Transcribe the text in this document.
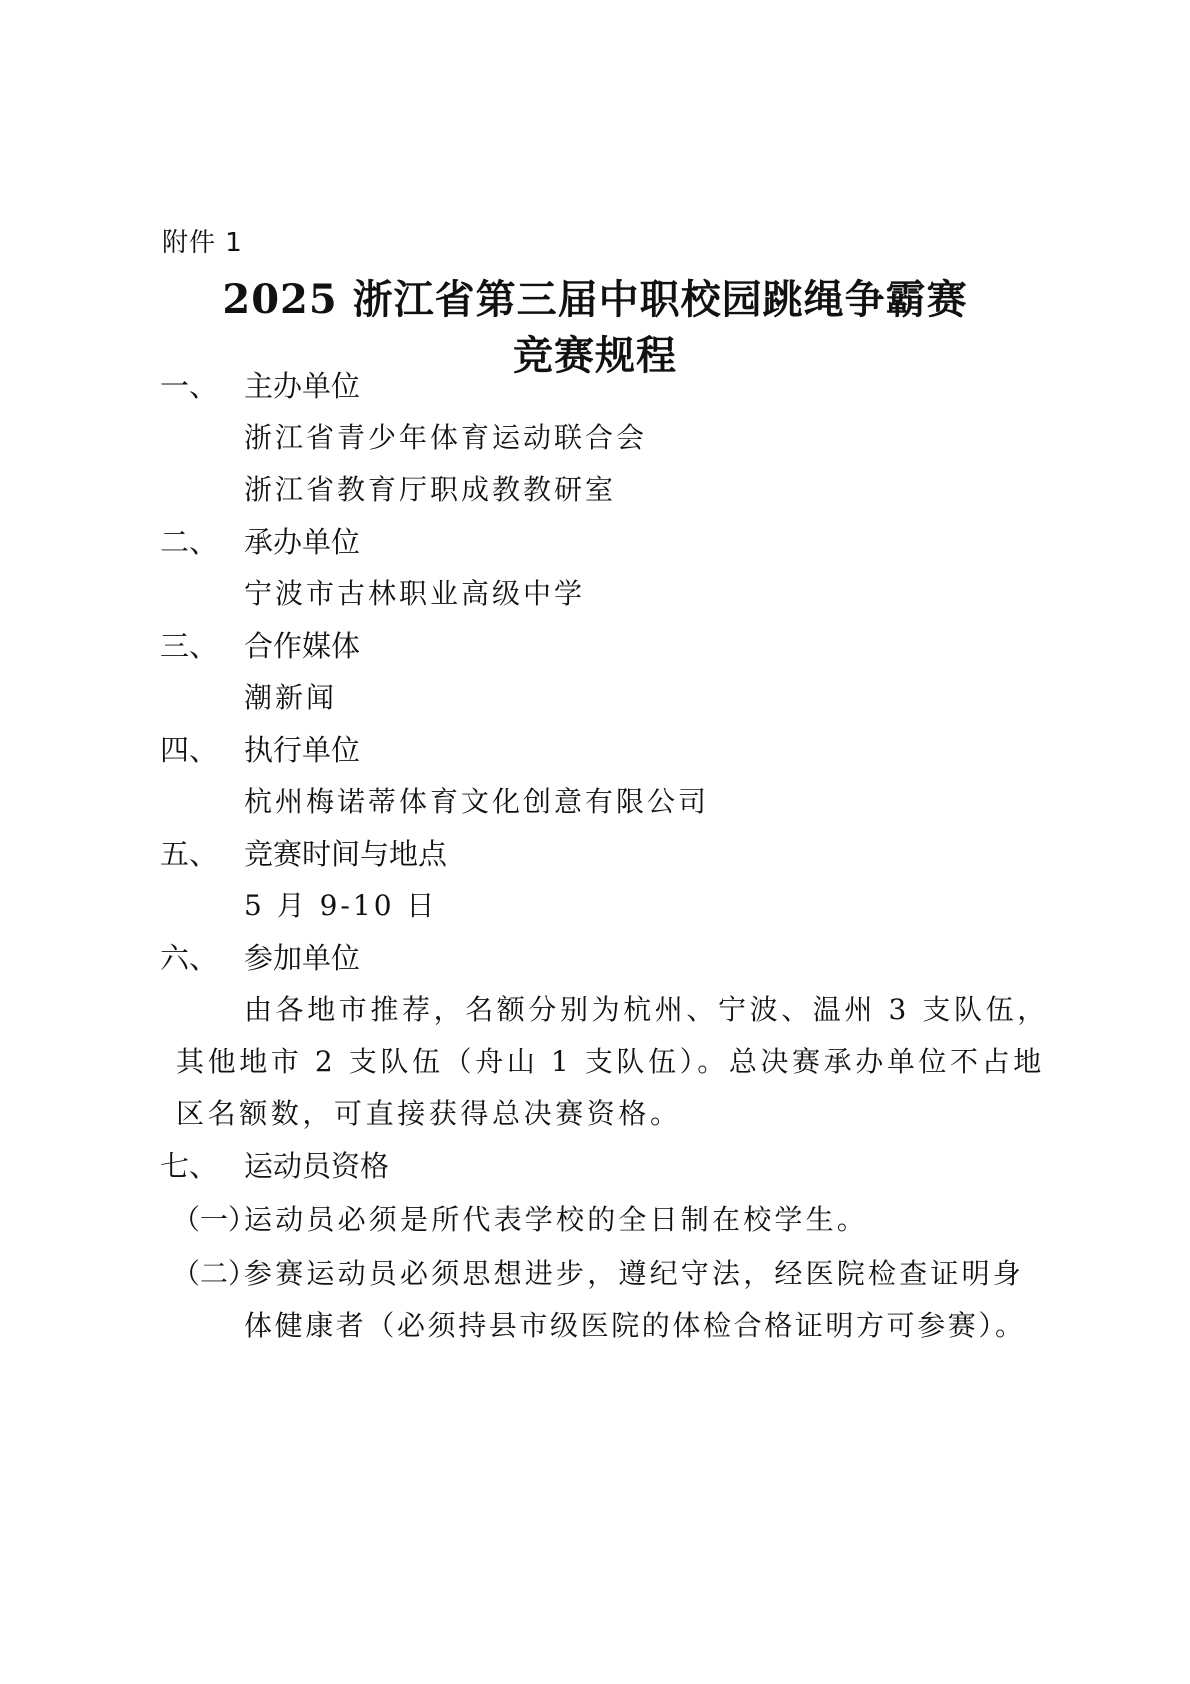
附件 1
2025 浙江省第三届中职校园跳绳争霸赛
竞赛规程
一、 主办单位
浙江省青少年体育运动联合会
浙江省教育厅职成教教研室
二、 承办单位
宁波市古林职业高级中学
三、 合作媒体
潮新闻
四、 执行单位
杭州梅诺蒂体育文化创意有限公司
五、 竞赛时间与地点
5 月 9-10 日
六、 参加单位
由各地市推荐，名额分别为杭州、宁波、温州 3 支队伍，
其他地市 2 支队伍（舟山 1 支队伍）。总决赛承办单位不占地
区名额数，可直接获得总决赛资格。
七、 运动员资格
（一）运动员必须是所代表学校的全日制在校学生。
（二）参赛运动员必须思想进步，遵纪守法，经医院检查证明身
体健康者（必须持县市级医院的体检合格证明方可参赛）。
